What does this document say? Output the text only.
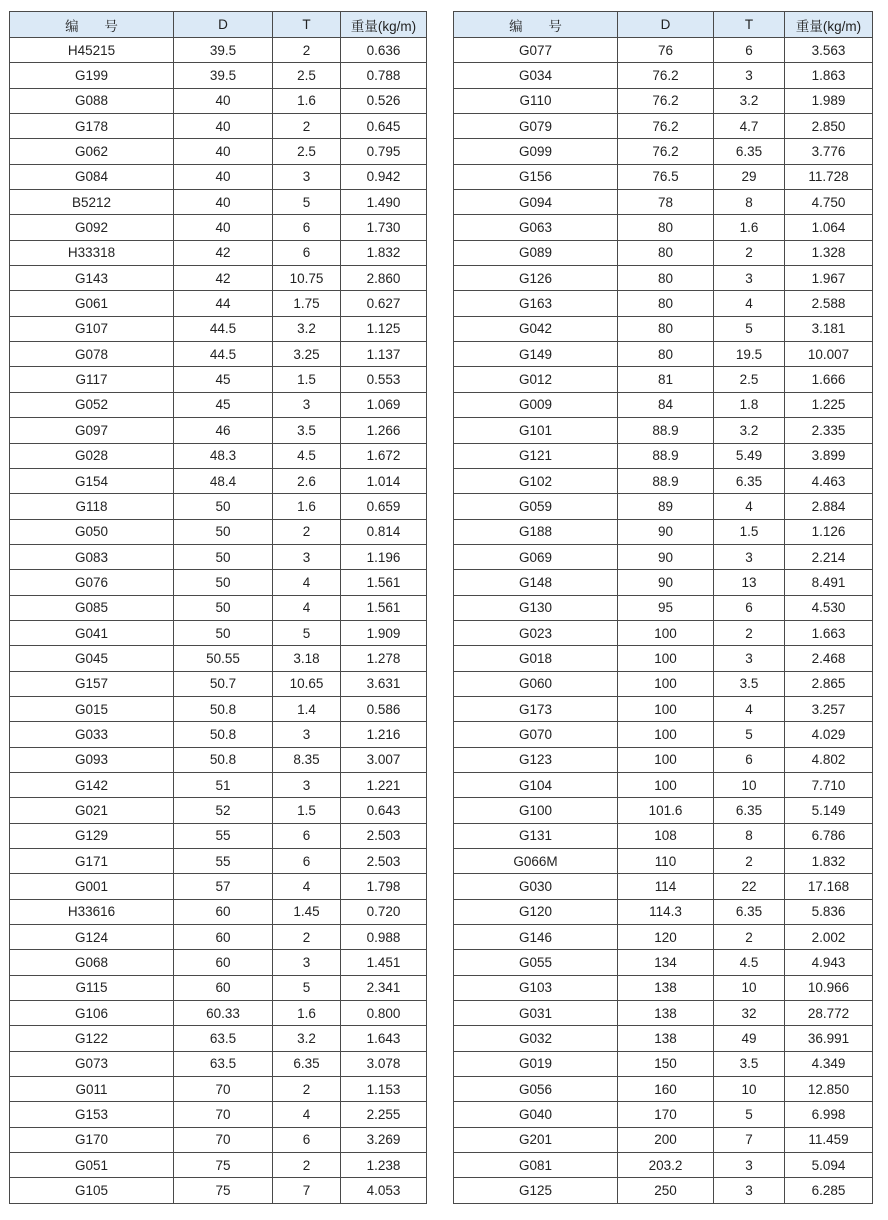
编 号	D	T	重量(kg/m)
H45215	39.5	2	0.636
G199	39.5	2.5	0.788
G088	40	1.6	0.526
G178	40	2	0.645
G062	40	2.5	0.795
G084	40	3	0.942
B5212	40	5	1.490
G092	40	6	1.730
H33318	42	6	1.832
G143	42	10.75	2.860
G061	44	1.75	0.627
G107	44.5	3.2	1.125
G078	44.5	3.25	1.137
G117	45	1.5	0.553
G052	45	3	1.069
G097	46	3.5	1.266
G028	48.3	4.5	1.672
G154	48.4	2.6	1.014
G118	50	1.6	0.659
G050	50	2	0.814
G083	50	3	1.196
G076	50	4	1.561
G085	50	4	1.561
G041	50	5	1.909
G045	50.55	3.18	1.278
G157	50.7	10.65	3.631
G015	50.8	1.4	0.586
G033	50.8	3	1.216
G093	50.8	8.35	3.007
G142	51	3	1.221
G021	52	1.5	0.643
G129	55	6	2.503
G171	55	6	2.503
G001	57	4	1.798
H33616	60	1.45	0.720
G124	60	2	0.988
G068	60	3	1.451
G115	60	5	2.341
G106	60.33	1.6	0.800
G122	63.5	3.2	1.643
G073	63.5	6.35	3.078
G011	70	2	1.153
G153	70	4	2.255
G170	70	6	3.269
G051	75	2	1.238
G105	75	7	4.053
编 号	D	T	重量(kg/m)
G077	76	6	3.563
G034	76.2	3	1.863
G110	76.2	3.2	1.989
G079	76.2	4.7	2.850
G099	76.2	6.35	3.776
G156	76.5	29	11.728
G094	78	8	4.750
G063	80	1.6	1.064
G089	80	2	1.328
G126	80	3	1.967
G163	80	4	2.588
G042	80	5	3.181
G149	80	19.5	10.007
G012	81	2.5	1.666
G009	84	1.8	1.225
G101	88.9	3.2	2.335
G121	88.9	5.49	3.899
G102	88.9	6.35	4.463
G059	89	4	2.884
G188	90	1.5	1.126
G069	90	3	2.214
G148	90	13	8.491
G130	95	6	4.530
G023	100	2	1.663
G018	100	3	2.468
G060	100	3.5	2.865
G173	100	4	3.257
G070	100	5	4.029
G123	100	6	4.802
G104	100	10	7.710
G100	101.6	6.35	5.149
G131	108	8	6.786
G066M	110	2	1.832
G030	114	22	17.168
G120	114.3	6.35	5.836
G146	120	2	2.002
G055	134	4.5	4.943
G103	138	10	10.966
G031	138	32	28.772
G032	138	49	36.991
G019	150	3.5	4.349
G056	160	10	12.850
G040	170	5	6.998
G201	200	7	11.459
G081	203.2	3	5.094
G125	250	3	6.285
